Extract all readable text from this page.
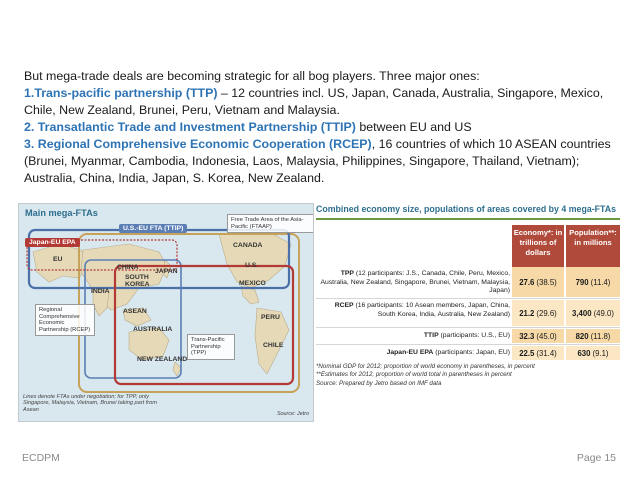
But mega-trade deals are becoming strategic for all bog players. Three major ones:
1.Trans-pacific partnership (TTP) – 12 countries incl. US, Japan, Canada, Australia, Singapore, Mexico, Chile, New Zealand, Brunei, Peru, Vietnam and Malaysia.
2. Transatlantic Trade and Investment Partnership (TTIP) between EU and US
3. Regional Comprehensive Economic Cooperation (RCEP), 16 countries of which 10 ASEAN countries (Brunei, Myanmar, Cambodia, Indonesia, Laos, Malaysia, Philippines, Singapore, Thailand, Vietnam); Australia, China, India, Japan, S. Korea, New Zealand.
Main mega-FTAs
Japan-EU EPA
U.S.-EU FTA (TTIP)
Free Trade Area of the Asia-Pacific (FTAAP)
EU
CHINA
SOUTH KOREA
JAPAN
INDIA
ASEAN
AUSTRALIA
NEW ZEALAND
CANADA
U.S.
MEXICO
PERU
CHILE
Regional Comprehensive Economic Partnership (RCEP)
Trans-Pacific Partnership (TPP)
Lines denote FTAs under negotiation; for TPP, only Singapore, Malaysia, Vietnam, Brunei taking part from Asean
Source: Jetro
Combined economy size, populations of areas covered by 4 mega-FTAs
Economy*: in trillions of dollars
Population**: in millions
TPP (12 participants: J.S., Canada, Chile, Peru, Mexico, Australia, New Zealand, Singapore, Brunei, Vietnam, Malaysia, Japan)
27.6 (38.5) 790 (11.4)
RCEP (16 participants: 10 Asean members, Japan, China, South Korea, India, Australia, New Zealand) 21.2 (29.6) 3,400 (49.0)
TTIP (participants: U.S., EU) 32.3 (45.0) 820 (11.8)
Japan-EU EPA (participants: Japan, EU) 22.5 (31.4)	630 (9.1)
*Nominal GDP for 2012; proportion of world economy in parentheses, in percent
**Estimates for 2012, proportion of world total in parentheses in percent
Source: Prepared by Jetro based on IMF data
ECDPM	Page 15
